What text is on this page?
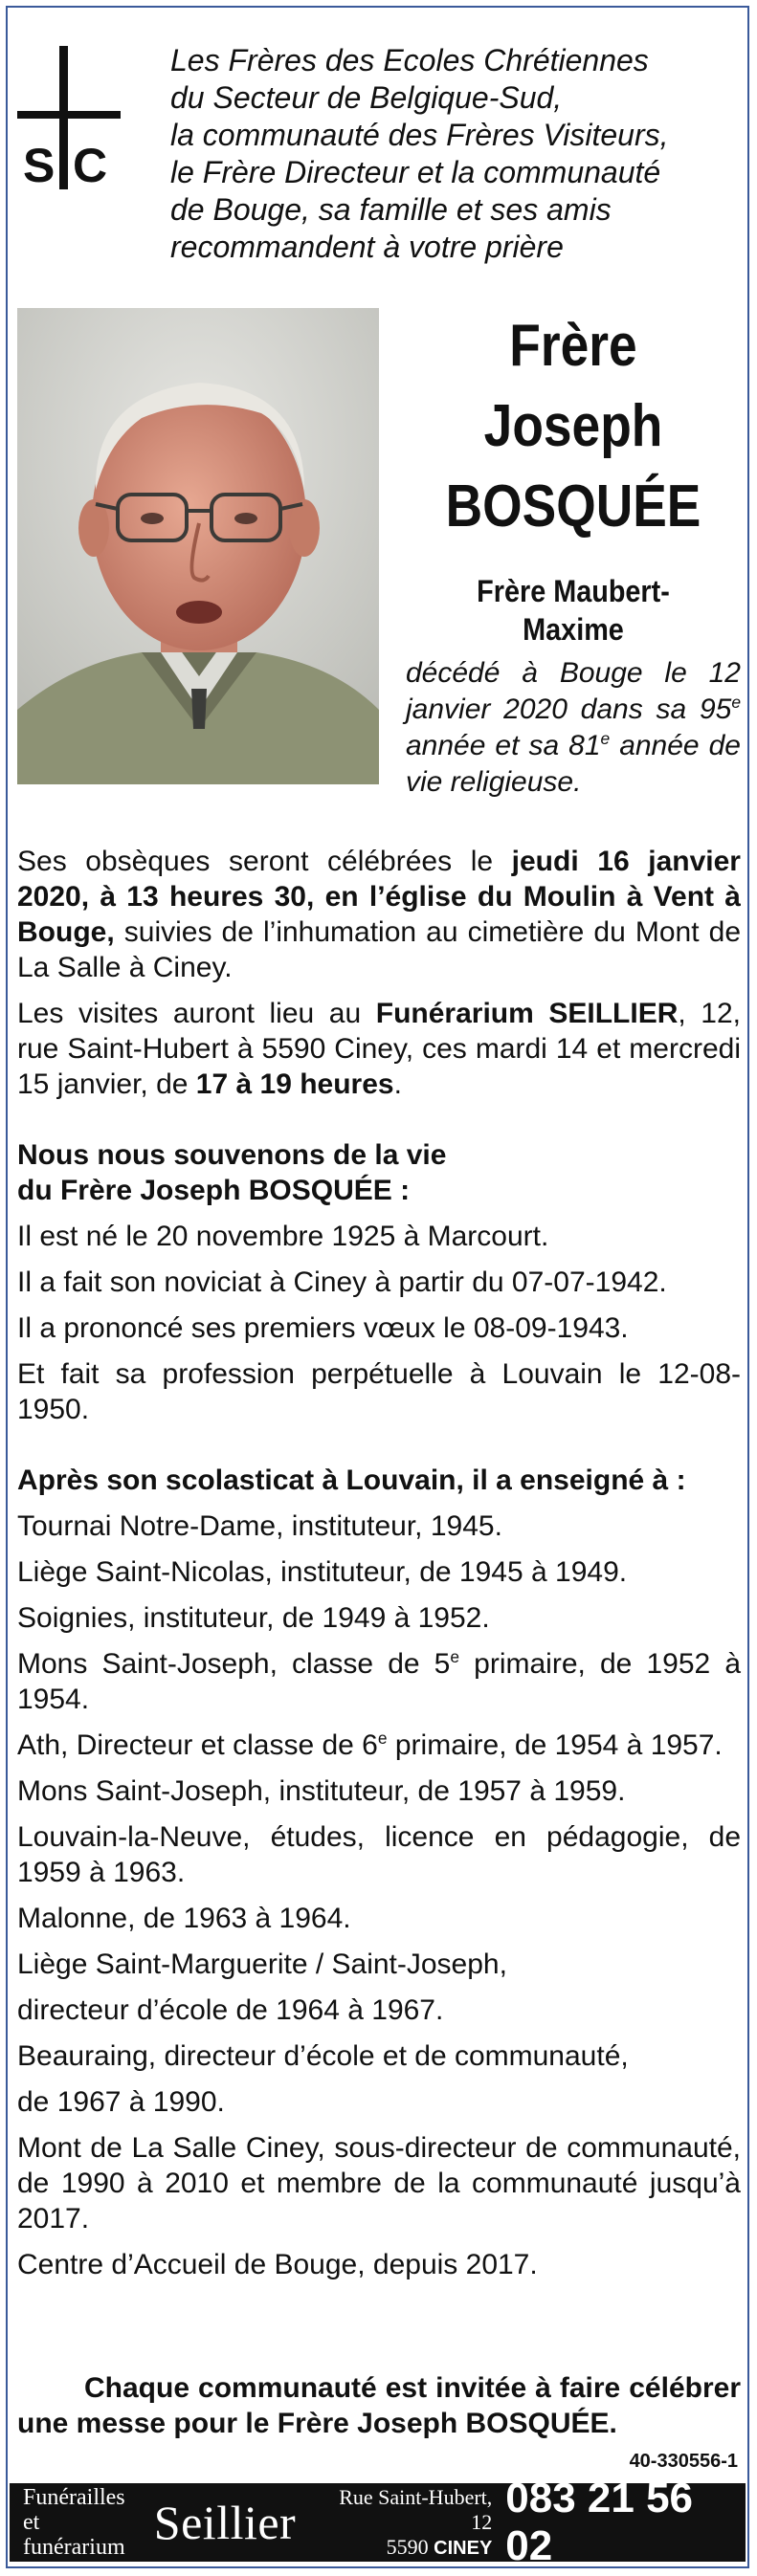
S C
Les Frères des Ecoles Chrétiennes
du Secteur de Belgique-Sud,
la communauté des Frères Visiteurs,
le Frère Directeur et la communauté
de Bouge, sa famille et ses amis
recommandent à votre prière
Frère
Joseph
BOSQUÉE
Frère Maubert-
Maxime
décédé à Bouge le 12 janvier 2020 dans sa 95e année et sa 81e année de vie religieuse.

Ses obsèques seront célébrées le jeudi 16 janvier 2020, à 13 heures 30, en l’église du Moulin à Vent à Bouge, suivies de l’inhumation au cimetière du Mont de La Salle à Ciney.

Les visites auront lieu au Funérarium SEILLIER, 12, rue Saint-Hubert à 5590 Ciney, ces mardi 14 et mercredi 15 janvier, de 17 à 19 heures.

Nous nous souvenons de la vie

du Frère Joseph BOSQUÉE :

Il est né le 20 novembre 1925 à Marcourt.

Il a fait son noviciat à Ciney à partir du 07-07-1942.

Il a prononcé ses premiers vœux le 08-09-1943.

Et fait sa profession perpétuelle à Louvain le 12-08-1950.

Après son scolasticat à Louvain, il a enseigné à :

Tournai Notre-Dame, instituteur, 1945.

Liège Saint-Nicolas, instituteur, de 1945 à 1949.

Soignies, instituteur, de 1949 à 1952.

Mons Saint-Joseph, classe de 5e primaire, de 1952 à 1954.

Ath, Directeur et classe de 6e primaire, de 1954 à 1957.

Mons Saint-Joseph, instituteur, de 1957 à 1959.

Louvain-la-Neuve, études, licence en pédagogie, de 1959 à 1963.

Malonne, de 1963 à 1964.

Liège Saint-Marguerite / Saint-Joseph,

directeur d’école de 1964 à 1967.

Beauraing, directeur d’école et de communauté,

de 1967 à 1990.

Mont de La Salle Ciney, sous-directeur de communauté, de 1990 à 2010 et membre de la communauté jusqu’à 2017.

Centre d’Accueil de Bouge, depuis 2017.

Chaque communauté est invitée à faire célébrer une messe pour le Frère Joseph BOSQUÉE.
40-330556-1
Funérailles
et funérarium Seillier	Rue Saint-Hubert, 12
5590 CINEY
083 21 56 02
